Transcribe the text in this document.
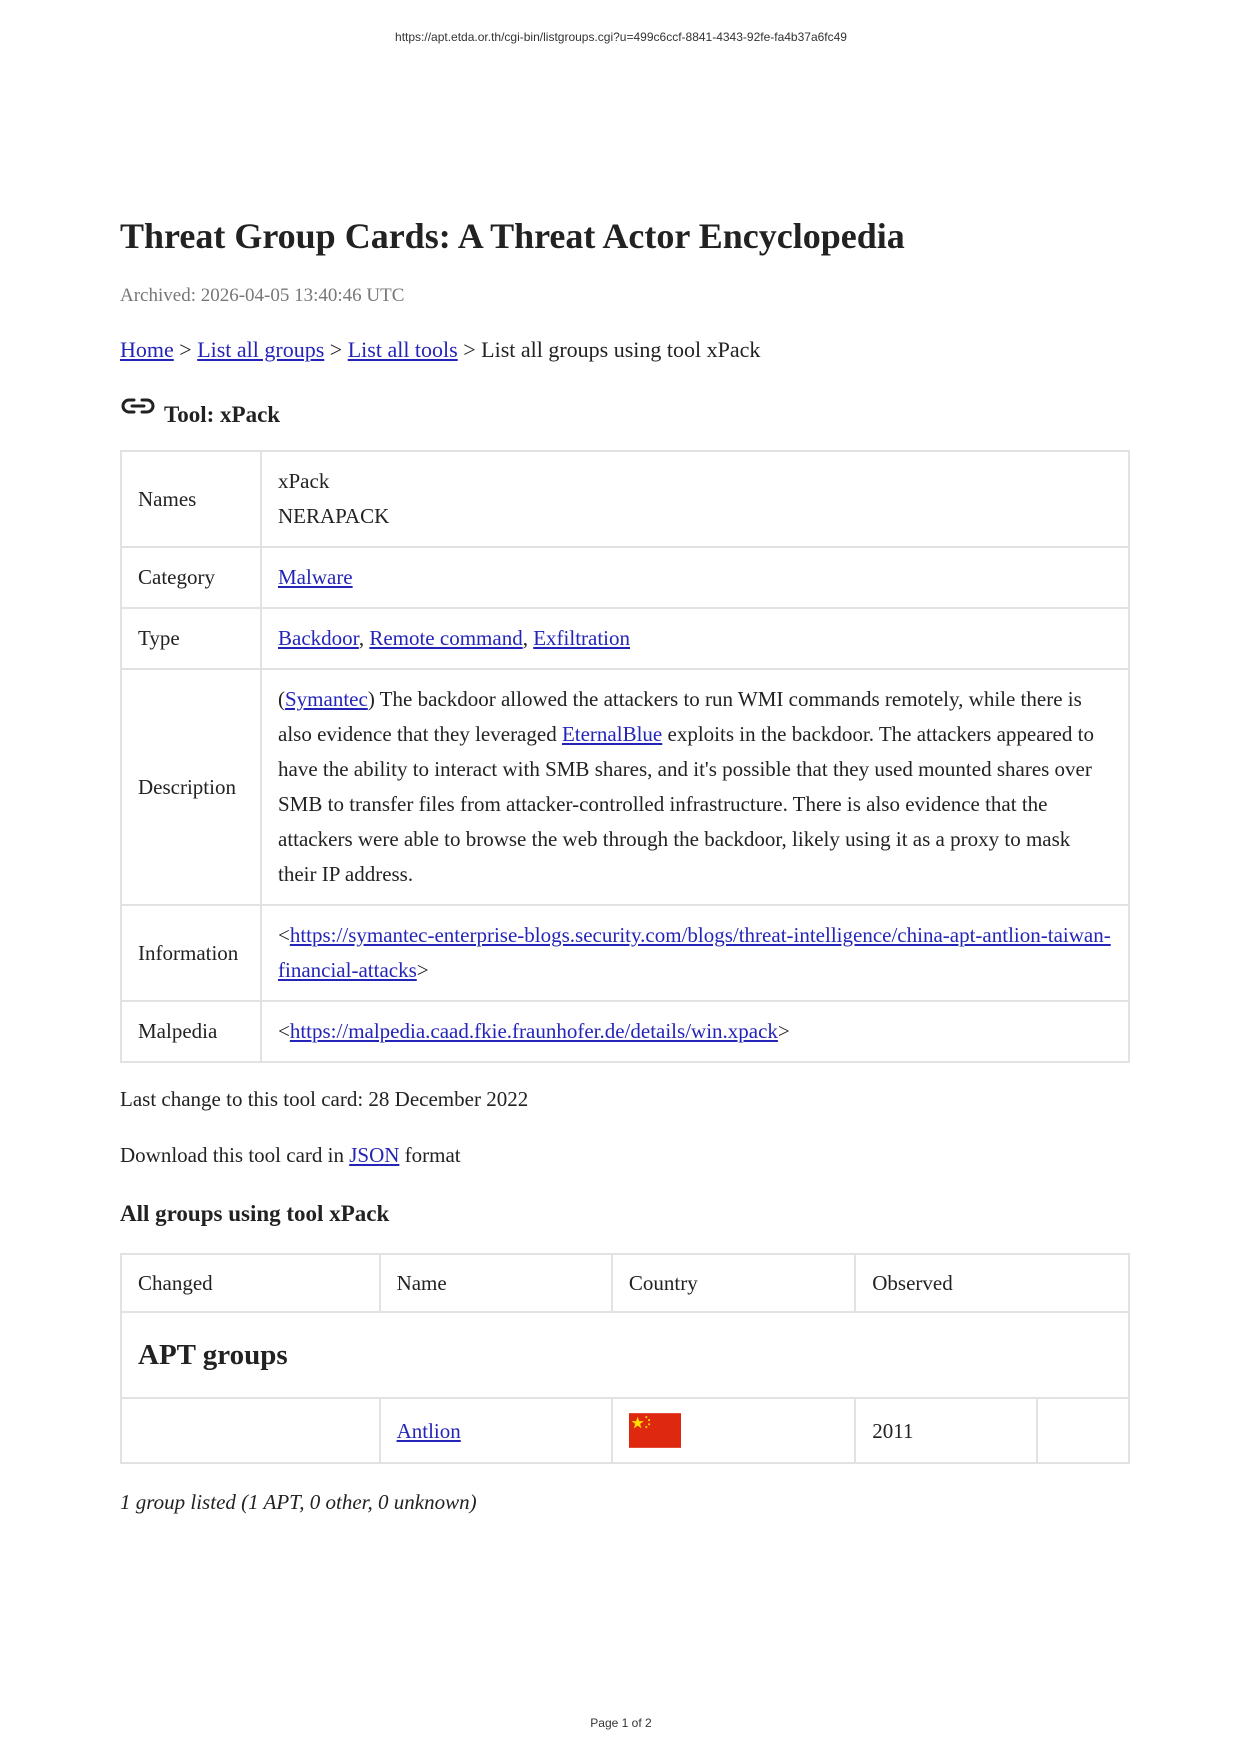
https://apt.etda.or.th/cgi-bin/listgroups.cgi?u=499c6ccf-8841-4343-92fe-fa4b37a6fc49
Threat Group Cards: A Threat Actor Encyclopedia
Archived: 2026-04-05 13:40:46 UTC
Home > List all groups > List all tools > List all groups using tool xPack
Tool: xPack
Names	xPack
NERAPACK

Category	Malware
Type	Backdoor, Remote command, Exfiltration
Description	(Symantec) The backdoor allowed the attackers to run WMI commands remotely, while there is also evidence that they leveraged EternalBlue exploits in the backdoor. The attackers appeared to have the ability to interact with SMB shares, and it's possible that they used mounted shares over SMB to transfer files from attacker-controlled infrastructure. There is also evidence that the attackers were able to browse the web through the backdoor, likely using it as a proxy to mask their IP address.
Information	<https://symantec-enterprise-blogs.security.com/blogs/threat-intelligence/china-apt-antlion-taiwan-financial-attacks>
Malpedia	<https://malpedia.caad.fkie.fraunhofer.de/details/win.xpack>
Last change to this tool card: 28 December 2022
Download this tool card in JSON format
All groups using tool xPack
Changed	Name	Country	Observed	
APT groups				
	Antlion		2011	
1 group listed (1 APT, 0 other, 0 unknown)
Page 1 of 2
